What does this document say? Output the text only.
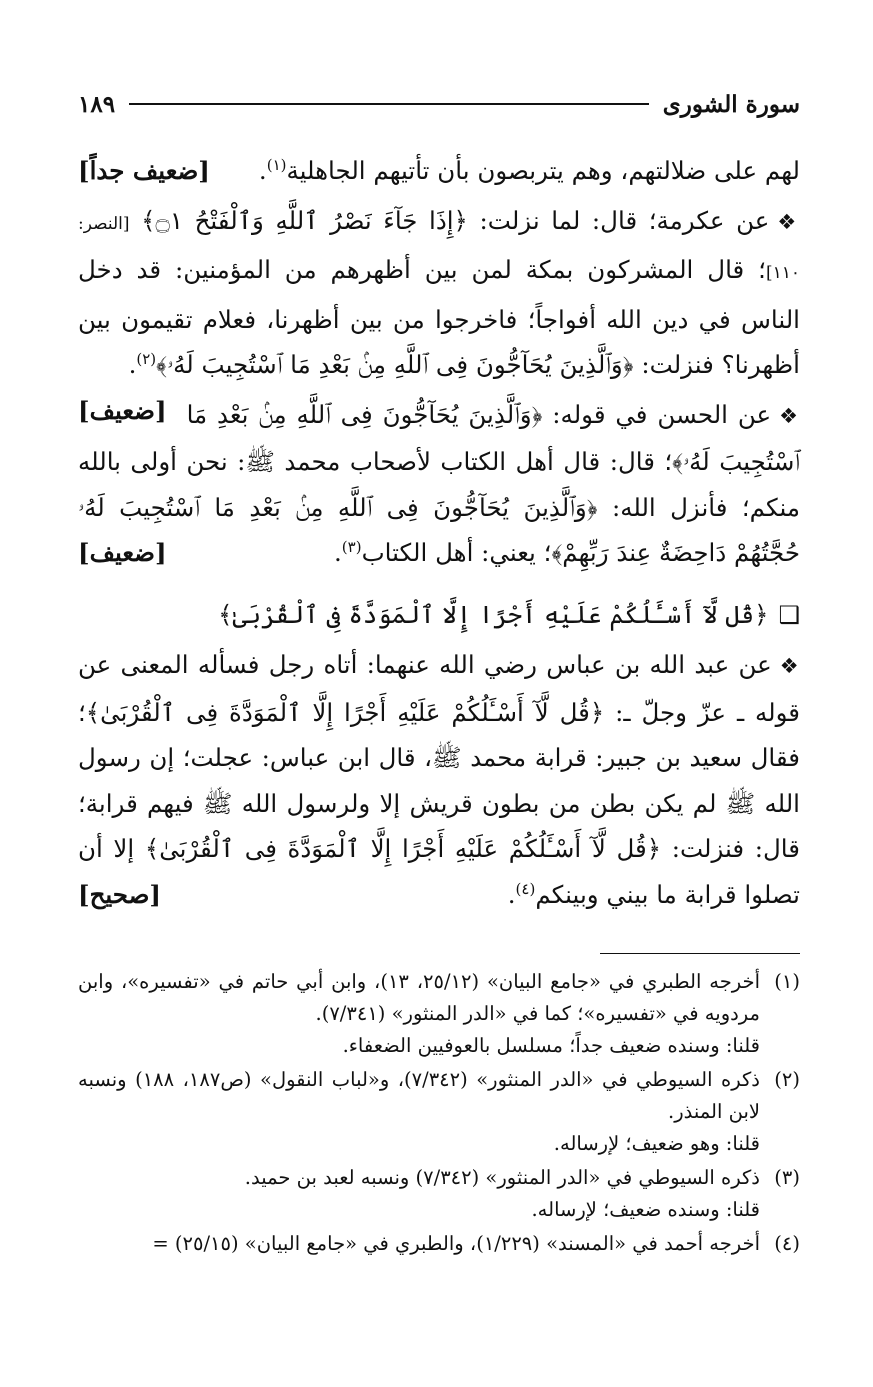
سورة الشورى
١٨٩

لهم على ضلالتهم، وهم يتربصون بأن تأتيهم الجاهلية$^{(١)}$.
[ضعيف جداً]

❖عن عكرمة؛ قال: لما نزلت: ﴿إِذَا جَآءَ نَصْرُ ٱللَّهِ وَٱلْفَتْحُ ۝١﴾ [النصر: ١١٠]؛ قال المشركون بمكة لمن بين أظهرهم من المؤمنين: قد دخل الناس في دين الله أفواجاً؛ فاخرجوا من بين أظهرنا، فعلام تقيمون بين أظهرنا؟ فنزلت: ﴿وَٱلَّذِينَ يُحَآجُّونَ فِى ٱللَّهِ مِنۢ بَعْدِ مَا ٱسْتُجِيبَ لَهُۥ﴾$^{(٢)}$.
[ضعيف]	❖عن الحسن في قوله: ﴿وَٱلَّذِينَ يُحَآجُّونَ فِى ٱللَّهِ مِنۢ بَعْدِ مَا ٱسْتُجِيبَ لَهُۥ﴾؛ قال: قال أهل الكتاب لأصحاب محمد ﷺ: نحن أولى بالله منكم؛ فأنزل الله: ﴿وَٱلَّذِينَ يُحَآجُّونَ فِى ٱللَّهِ مِنۢ بَعْدِ مَا ٱسْتُجِيبَ لَهُۥ حُجَّتُهُمْ دَاحِضَةٌ عِندَ رَبِّهِمْ﴾؛ يعني: أهل الكتاب$^{(٣)}$.
[ضعيف]

❑﴿قُل لَّآ أَسْـَٔلُكُمْ عَلَيْهِ أَجْرًا إِلَّا ٱلْمَوَدَّةَ فِى ٱلْقُرْبَىٰ﴾

❖عن عبد الله بن عباس رضي الله عنهما: أتاه رجل فسأله المعنى عن قوله ـ عزّ وجلّ ـ: ﴿قُل لَّآ أَسْـَٔلُكُمْ عَلَيْهِ أَجْرًا إِلَّا ٱلْمَوَدَّةَ فِى ٱلْقُرْبَىٰ﴾؛ فقال سعيد بن جبير: قرابة محمد ﷺ، قال ابن عباس: عجلت؛ إن رسول الله ﷺ لم يكن بطن من بطون قريش إلا ولرسول الله ﷺ فيهم قرابة؛ قال: فنزلت: ﴿قُل لَّآ أَسْـَٔلُكُمْ عَلَيْهِ أَجْرًا إِلَّا ٱلْمَوَدَّةَ فِى ٱلْقُرْبَىٰ﴾ إلا أن تصلوا قرابة ما بيني وبينكم$^{(٤)}$.
[صحيح]

(١)
أخرجه الطبري في «جامع البيان» (٢٥/١٢، ١٣)، وابن أبي حاتم في «تفسيره»، وابن مردويه في «تفسيره»؛ كما في «الدر المنثور» (٧/٣٤١).
قلنا: وسنده ضعيف جداً؛ مسلسل بالعوفيين الضعفاء.
(٢)
ذكره السيوطي في «الدر المنثور» (٧/٣٤٢)، و«لباب النقول» (ص١٨٧، ١٨٨) ونسبه لابن المنذر.
قلنا: وهو ضعيف؛ لإرساله.
(٣)
ذكره السيوطي في «الدر المنثور» (٧/٣٤٢) ونسبه لعبد بن حميد.
قلنا: وسنده ضعيف؛ لإرساله.
(٤)
أخرجه أحمد في «المسند» (١/٢٢٩)، والطبري في «جامع البيان» (٢٥/١٥) =
